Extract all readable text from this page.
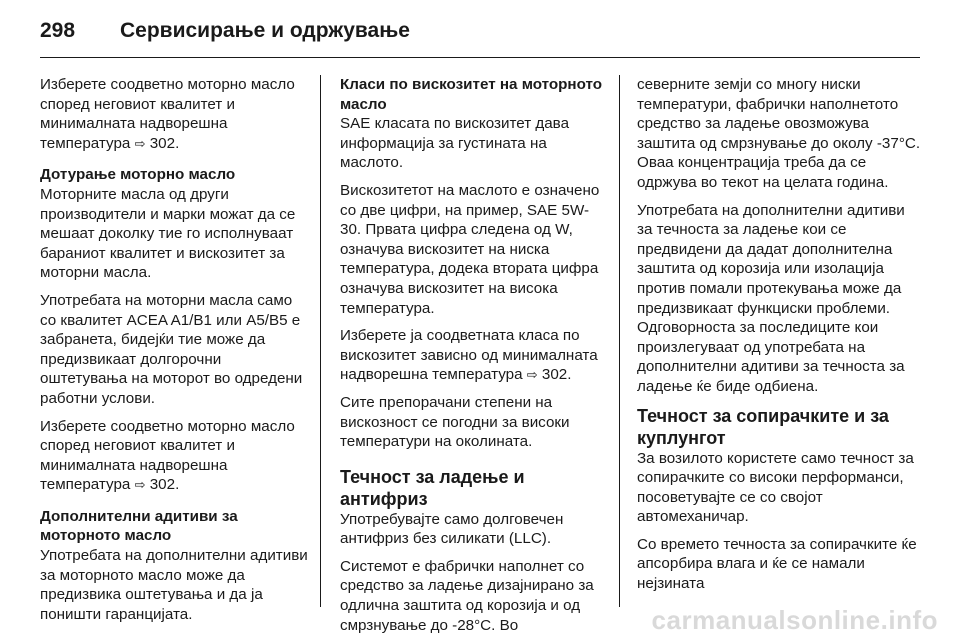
298	Сервисирање и одржување

Изберете соодветно моторно масло според неговиот квалитет и минималната надворешна температура ⇨ 302.

Дотурање моторно масло

Моторните масла од други производители и марки можат да се мешаат доколку тие го исполнуваат бараниот квалитет и вискозитет за моторни масла.

Употребата на моторни масла само со квалитет ACEA A1/B1 или A5/B5 е забранета, бидејќи тие може да предизвикаат долгорочни оштетувања на моторот во одредени работни услови.

Изберете соодветно моторно масло според неговиот квалитет и минималната надворешна температура ⇨ 302.

Дополнителни адитиви за моторното масло

Употребата на дополнителни адитиви за моторното масло може да предизвика оштетувања и да ја поништи гаранцијата.

Класи по вискозитет на моторното масло

SAE класата по вискозитет дава информација за густината на маслото.

Вискозитетот на маслото е означено со две цифри, на пример, SAE 5W-30. Првата цифра следена од W, означува вискозитет на ниска температура, додека втората цифра означува вискозитет на висока температура.

Изберете ја соодветната класа по вискозитет зависно од минималната надворешна температура ⇨ 302.

Сите препорачани степени на вискозност се погодни за високи температури на околината.

Течност за ладење и антифриз

Употребувајте само долговечен антифриз без силикати (LLC).

Системот е фабрички наполнет со средство за ладење дизајнирано за одлична заштита од корозија и од смрзнување до -28°C. Во

северните земји со многу ниски температури, фабрички наполнетото средство за ладење овозможува заштита од смрзнување до околу -37°C. Оваа концентрација треба да се одржува во текот на целата година.

Употребата на дополнителни адитиви за течноста за ладење кои се предвидени да дадат дополнителна заштита од корозија или изолација против помали протекувања може да предизвикаат функциски проблеми. Одговорноста за последиците кои произлегуваат од употребата на дополнителни адитиви за течноста за ладење ќе биде одбиена.

Течност за сопирачките и за куплунгот

За возилото користете само течност за сопирачките со високи перформанси, посоветувајте се со својот автомеханичар.

Со времето течноста за сопирачките ќе апсорбира влага и ќе се намали нејзината

carmanualsonline.info
